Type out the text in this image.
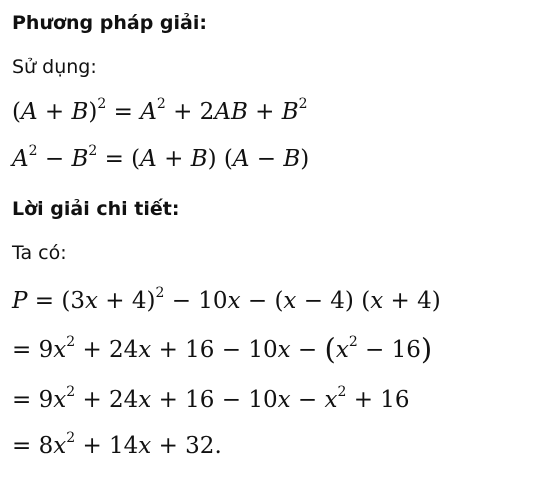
Phương pháp giải:
Sử dụng:
$(A + B)^2 = A^2 + 2AB + B^2$
$A^2 - B^2 = (A + B) (A - B)$
Lời giải chi tiết:
Ta có:
$P = (3x + 4)^2 - 10x - (x - 4)$ (x + 4)
= $9x^2 + 24x + 16 - 10x - (x^2 - 16)$
= $9x^2 + 24x + 16 - 10x - x^2 + 16$
= $8x^2 + 14x + 32$.
